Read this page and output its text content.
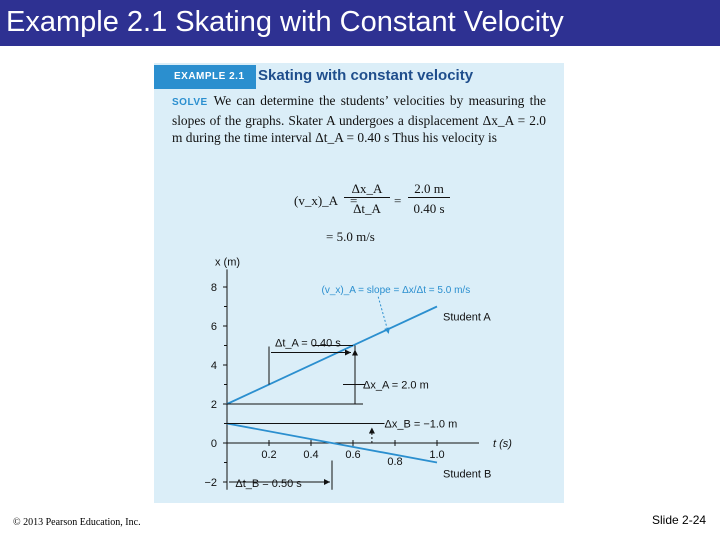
Example 2.1 Skating with Constant Velocity
EXAMPLE 2.1 Skating with constant velocity
SOLVE We can determine the students’ velocities by measuring the slopes of the graphs. Skater A undergoes a displacement Δx_A = 2.0 m during the time interval Δt_A = 0.40 s Thus his velocity is
(v_x)_A =
Δx_A
Δt_A
=
2.0 m
0.40 s
= 5.0 m/s
x (m)
t (s)
8
6
4
2
0
−2
0.2 0.4 0.6
0.8
1.0
Student A
Student B
Δt_A = 0.40 s
Δx_A = 2.0 m
(v_x)_A = slope = Δx/Δt = 5.0 m/s
Δx_B = −1.0 m
Δt_B = 0.50 s
© 2013 Pearson Education, Inc.	Slide 2-24
